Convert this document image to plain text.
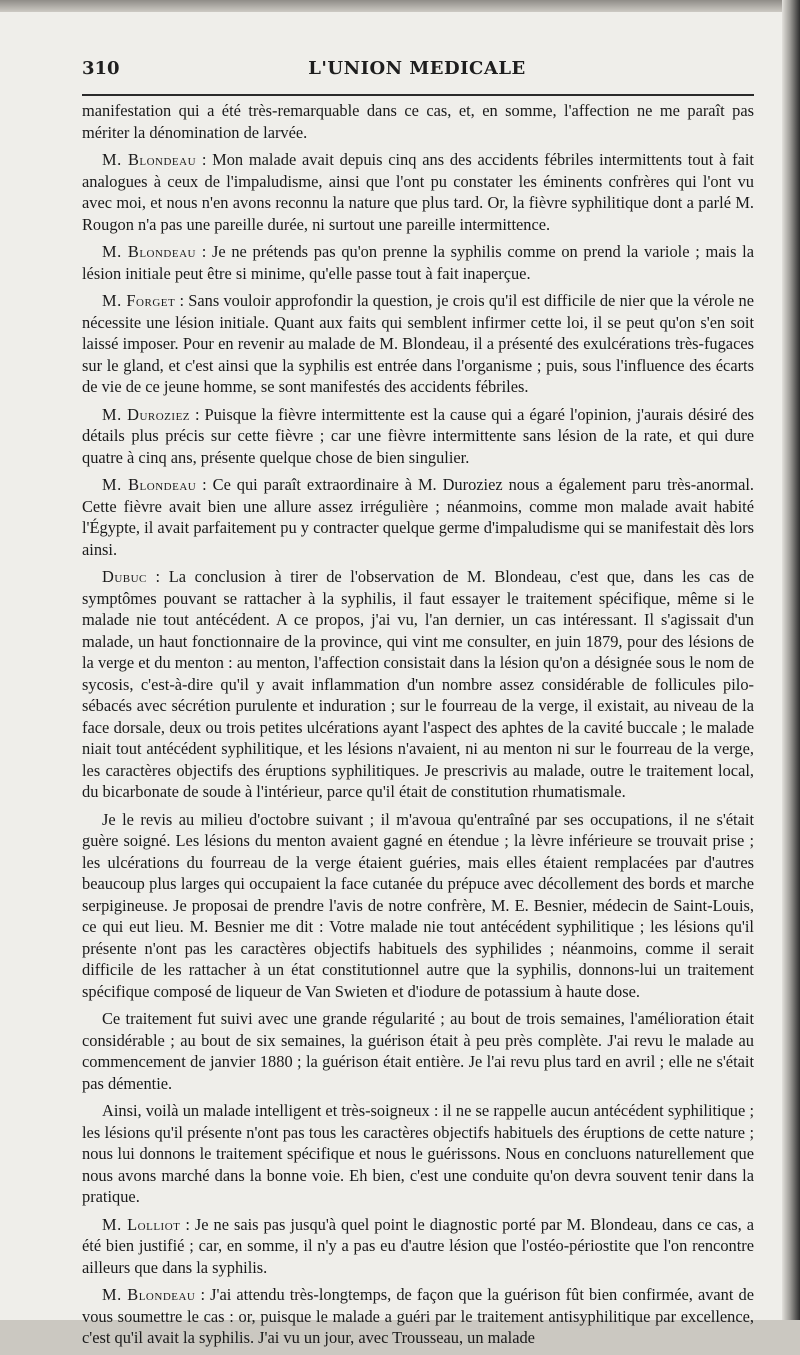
310	L'UNION MEDICALE

manifestation qui a été très-remarquable dans ce cas, et, en somme, l'affection ne me paraît pas mériter la dénomination de larvée.

M. Blondeau : Mon malade avait depuis cinq ans des accidents fébriles intermittents tout à fait analogues à ceux de l'impaludisme, ainsi que l'ont pu constater les éminents confrères qui l'ont vu avec moi, et nous n'en avons reconnu la nature que plus tard. Or, la fièvre syphilitique dont a parlé M. Rougon n'a pas une pareille durée, ni surtout une pareille intermittence.

M. Blondeau : Je ne prétends pas qu'on prenne la syphilis comme on prend la variole ; mais la lésion initiale peut être si minime, qu'elle passe tout à fait inaperçue.

M. Forget : Sans vouloir approfondir la question, je crois qu'il est difficile de nier que la vérole ne nécessite une lésion initiale. Quant aux faits qui semblent infirmer cette loi, il se peut qu'on s'en soit laissé imposer. Pour en revenir au malade de M. Blondeau, il a présenté des exulcérations très-fugaces sur le gland, et c'est ainsi que la syphilis est entrée dans l'organisme ; puis, sous l'influence des écarts de vie de ce jeune homme, se sont manifestés des accidents fébriles.

M. Duroziez : Puisque la fièvre intermittente est la cause qui a égaré l'opinion, j'aurais désiré des détails plus précis sur cette fièvre ; car une fièvre intermittente sans lésion de la rate, et qui dure quatre à cinq ans, présente quelque chose de bien singulier.

M. Blondeau : Ce qui paraît extraordinaire à M. Duroziez nous a également paru très-anormal. Cette fièvre avait bien une allure assez irrégulière ; néanmoins, comme mon malade avait habité l'Égypte, il avait parfaitement pu y contracter quelque germe d'impaludisme qui se manifestait dès lors ainsi.

Dubuc : La conclusion à tirer de l'observation de M. Blondeau, c'est que, dans les cas de symptômes pouvant se rattacher à la syphilis, il faut essayer le traitement spécifique, même si le malade nie tout antécédent. A ce propos, j'ai vu, l'an dernier, un cas intéressant. Il s'agissait d'un malade, un haut fonctionnaire de la province, qui vint me consulter, en juin 1879, pour des lésions de la verge et du menton : au menton, l'affection consistait dans la lésion qu'on a désignée sous le nom de sycosis, c'est-à-dire qu'il y avait inflammation d'un nombre assez considérable de follicules pilo-sébacés avec sécrétion purulente et induration ; sur le fourreau de la verge, il existait, au niveau de la face dorsale, deux ou trois petites ulcérations ayant l'aspect des aphtes de la cavité buccale ; le malade niait tout antécédent syphilitique, et les lésions n'avaient, ni au menton ni sur le fourreau de la verge, les caractères objectifs des éruptions syphilitiques. Je prescrivis au malade, outre le traitement local, du bicarbonate de soude à l'intérieur, parce qu'il était de constitution rhumatismale.

Je le revis au milieu d'octobre suivant ; il m'avoua qu'entraîné par ses occupations, il ne s'était guère soigné. Les lésions du menton avaient gagné en étendue ; la lèvre inférieure se trouvait prise ; les ulcérations du fourreau de la verge étaient guéries, mais elles étaient remplacées par d'autres beaucoup plus larges qui occupaient la face cutanée du prépuce avec décollement des bords et marche serpigineuse. Je proposai de prendre l'avis de notre confrère, M. E. Besnier, médecin de Saint-Louis, ce qui eut lieu. M. Besnier me dit : Votre malade nie tout antécédent syphilitique ; les lésions qu'il présente n'ont pas les caractères objectifs habituels des syphilides ; néanmoins, comme il serait difficile de les rattacher à un état constitutionnel autre que la syphilis, donnons-lui un traitement spécifique composé de liqueur de Van Swieten et d'iodure de potassium à haute dose.

Ce traitement fut suivi avec une grande régularité ; au bout de trois semaines, l'amélioration était considérable ; au bout de six semaines, la guérison était à peu près complète. J'ai revu le malade au commencement de janvier 1880 ; la guérison était entière. Je l'ai revu plus tard en avril ; elle ne s'était pas démentie.

Ainsi, voilà un malade intelligent et très-soigneux : il ne se rappelle aucun antécédent syphilitique ; les lésions qu'il présente n'ont pas tous les caractères objectifs habituels des éruptions de cette nature ; nous lui donnons le traitement spécifique et nous le guérissons. Nous en concluons naturellement que nous avons marché dans la bonne voie. Eh bien, c'est une conduite qu'on devra souvent tenir dans la pratique.

M. Lolliot : Je ne sais pas jusqu'à quel point le diagnostic porté par M. Blondeau, dans ce cas, a été bien justifié ; car, en somme, il n'y a pas eu d'autre lésion que l'ostéo-périostite que l'on rencontre ailleurs que dans la syphilis.

M. Blondeau : J'ai attendu très-longtemps, de façon que la guérison fût bien confirmée, avant de vous soumettre le cas : or, puisque le malade a guéri par le traitement antisyphilitique par excellence, c'est qu'il avait la syphilis. J'ai vu un jour, avec Trousseau, un malade
